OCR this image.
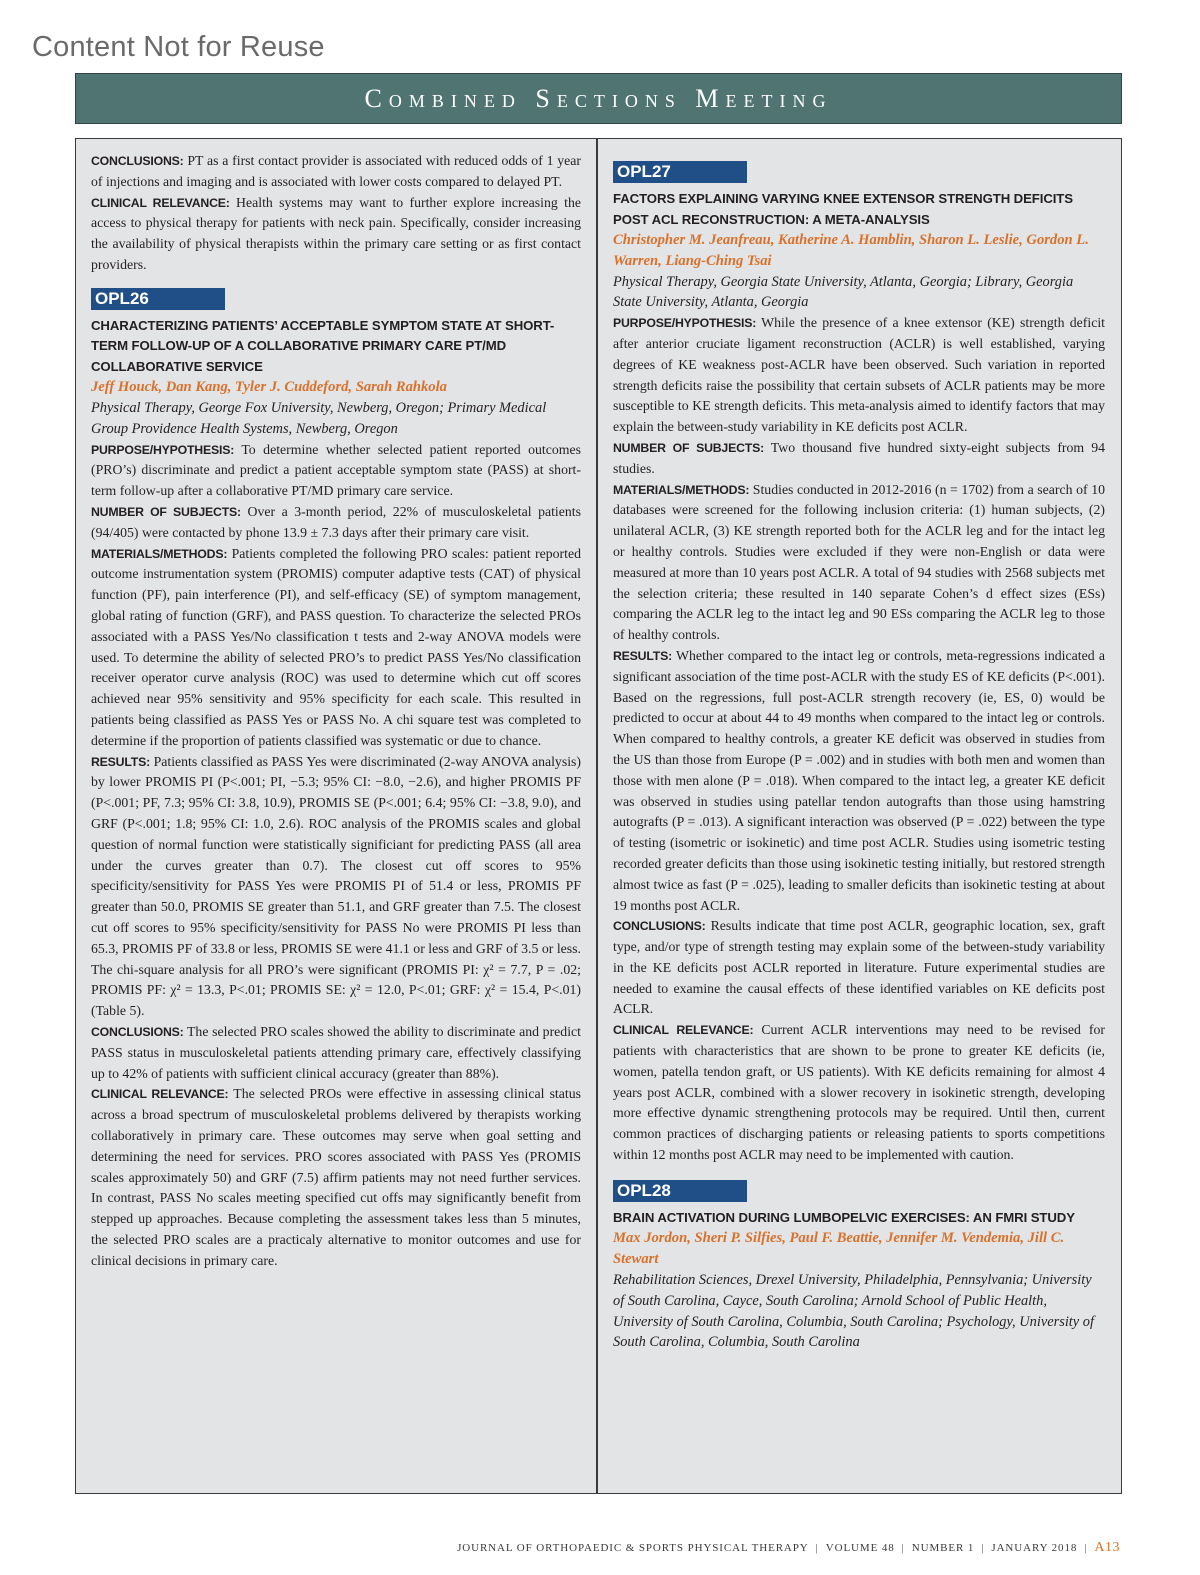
Content Not for Reuse
Combined Sections Meeting

CONCLUSIONS: PT as a first contact provider is associated with reduced odds of 1 year of injections and imaging and is associated with lower costs compared to delayed PT.

CLINICAL RELEVANCE: Health systems may want to further explore increasing the access to physical therapy for patients with neck pain. Specifically, consider increasing the availability of physical therapists within the primary care setting or as first contact providers.

OPL26

CHARACTERIZING PATIENTS’ ACCEPTABLE SYMPTOM STATE AT SHORT-TERM FOLLOW-UP OF A COLLABORATIVE PRIMARY CARE PT/MD COLLABORATIVE SERVICE

Jeff Houck, Dan Kang, Tyler J. Cuddeford, Sarah Rahkola

Physical Therapy, George Fox University, Newberg, Oregon; Primary Medical Group Providence Health Systems, Newberg, Oregon

PURPOSE/HYPOTHESIS: To determine whether selected patient reported outcomes (PRO’s) discriminate and predict a patient acceptable symptom state (PASS) at short-term follow-up after a collaborative PT/MD primary care service.

NUMBER OF SUBJECTS: Over a 3-month period, 22% of musculoskeletal patients (94/405) were contacted by phone 13.9 ± 7.3 days after their primary care visit.

MATERIALS/METHODS: Patients completed the following PRO scales: patient reported outcome instrumentation system (PROMIS) computer adaptive tests (CAT) of physical function (PF), pain interference (PI), and self-efficacy (SE) of symptom management, global rating of function (GRF), and PASS question. To characterize the selected PROs associated with a PASS Yes/No classification t tests and 2-way ANOVA models were used. To determine the ability of selected PRO’s to predict PASS Yes/No classification receiver operator curve analysis (ROC) was used to determine which cut off scores achieved near 95% sensitivity and 95% specificity for each scale. This resulted in patients being classified as PASS Yes or PASS No. A chi square test was completed to determine if the proportion of patients classified was systematic or due to chance.

RESULTS: Patients classified as PASS Yes were discriminated (2-way ANOVA analysis) by lower PROMIS PI (P<.001; PI, −5.3; 95% CI: −8.0, −2.6), and higher PROMIS PF (P<.001; PF, 7.3; 95% CI: 3.8, 10.9), PROMIS SE (P<.001; 6.4; 95% CI: −3.8, 9.0), and GRF (P<.001; 1.8; 95% CI: 1.0, 2.6). ROC analysis of the PROMIS scales and global question of normal function were statistically significiant for predicting PASS (all area under the curves greater than 0.7). The closest cut off scores to 95% specificity/sensitivity for PASS Yes were PROMIS PI of 51.4 or less, PROMIS PF greater than 50.0, PROMIS SE greater than 51.1, and GRF greater than 7.5. The closest cut off scores to 95% specificity/sensitivity for PASS No were PROMIS PI less than 65.3, PROMIS PF of 33.8 or less, PROMIS SE were 41.1 or less and GRF of 3.5 or less. The chi-square analysis for all PRO’s were significant (PROMIS PI: χ² = 7.7, P = .02; PROMIS PF: χ² = 13.3, P<.01; PROMIS SE: χ² = 12.0, P<.01; GRF: χ² = 15.4, P<.01) (Table 5).

CONCLUSIONS: The selected PRO scales showed the ability to discriminate and predict PASS status in musculoskeletal patients attending primary care, effectively classifying up to 42% of patients with sufficient clinical accuracy (greater than 88%).

CLINICAL RELEVANCE: The selected PROs were effective in assessing clinical status across a broad spectrum of musculoskeletal problems delivered by therapists working collaboratively in primary care. These outcomes may serve when goal setting and determining the need for services. PRO scores associated with PASS Yes (PROMIS scales approximately 50) and GRF (7.5) affirm patients may not need further services. In contrast, PASS No scales meeting specified cut offs may significantly benefit from stepped up approaches. Because completing the assessment takes less than 5 minutes, the selected PRO scales are a practicaly alternative to monitor outcomes and use for clinical decisions in primary care.

OPL27

FACTORS EXPLAINING VARYING KNEE EXTENSOR STRENGTH DEFICITS POST ACL RECONSTRUCTION: A META-ANALYSIS

Christopher M. Jeanfreau, Katherine A. Hamblin, Sharon L. Leslie, Gordon L. Warren, Liang-Ching Tsai

Physical Therapy, Georgia State University, Atlanta, Georgia; Library, Georgia State University, Atlanta, Georgia

PURPOSE/HYPOTHESIS: While the presence of a knee extensor (KE) strength deficit after anterior cruciate ligament reconstruction (ACLR) is well established, varying degrees of KE weakness post-ACLR have been observed. Such variation in reported strength deficits raise the possibility that certain subsets of ACLR patients may be more susceptible to KE strength deficits. This meta-analysis aimed to identify factors that may explain the between-study variability in KE deficits post ACLR.

NUMBER OF SUBJECTS: Two thousand five hundred sixty-eight subjects from 94 studies.

MATERIALS/METHODS: Studies conducted in 2012-2016 (n = 1702) from a search of 10 databases were screened for the following inclusion criteria: (1) human subjects, (2) unilateral ACLR, (3) KE strength reported both for the ACLR leg and for the intact leg or healthy controls. Studies were excluded if they were non-English or data were measured at more than 10 years post ACLR. A total of 94 studies with 2568 subjects met the selection criteria; these resulted in 140 separate Cohen’s d effect sizes (ESs) comparing the ACLR leg to the intact leg and 90 ESs comparing the ACLR leg to those of healthy controls.

RESULTS: Whether compared to the intact leg or controls, meta-regressions indicated a significant association of the time post-ACLR with the study ES of KE deficits (P<.001). Based on the regressions, full post-ACLR strength recovery (ie, ES, 0) would be predicted to occur at about 44 to 49 months when compared to the intact leg or controls. When compared to healthy controls, a greater KE deficit was observed in studies from the US than those from Europe (P = .002) and in studies with both men and women than those with men alone (P = .018). When compared to the intact leg, a greater KE deficit was observed in studies using patellar tendon autografts than those using hamstring autografts (P = .013). A significant interaction was observed (P = .022) between the type of testing (isometric or isokinetic) and time post ACLR. Studies using isometric testing recorded greater deficits than those using isokinetic testing initially, but restored strength almost twice as fast (P = .025), leading to smaller deficits than isokinetic testing at about 19 months post ACLR.

CONCLUSIONS: Results indicate that time post ACLR, geographic location, sex, graft type, and/or type of strength testing may explain some of the between-study variability in the KE deficits post ACLR reported in literature. Future experimental studies are needed to examine the causal effects of these identified variables on KE deficits post ACLR.

CLINICAL RELEVANCE: Current ACLR interventions may need to be revised for patients with characteristics that are shown to be prone to greater KE deficits (ie, women, patella tendon graft, or US patients). With KE deficits remaining for almost 4 years post ACLR, combined with a slower recovery in isokinetic strength, developing more effective dynamic strengthening protocols may be required. Until then, current common practices of discharging patients or releasing patients to sports competitions within 12 months post ACLR may need to be implemented with caution.

OPL28

BRAIN ACTIVATION DURING LUMBOPELVIC EXERCISES: AN FMRI STUDY

Max Jordon, Sheri P. Silfies, Paul F. Beattie, Jennifer M. Vendemia, Jill C. Stewart

Rehabilitation Sciences, Drexel University, Philadelphia, Pennsylvania; University of South Carolina, Cayce, South Carolina; Arnold School of Public Health, University of South Carolina, Columbia, South Carolina; Psychology, University of South Carolina, Columbia, South Carolina

JOURNAL OF ORTHOPAEDIC & SPORTS PHYSICAL THERAPY | VOLUME 48 | NUMBER 1 | JANUARY 2018 | A13
